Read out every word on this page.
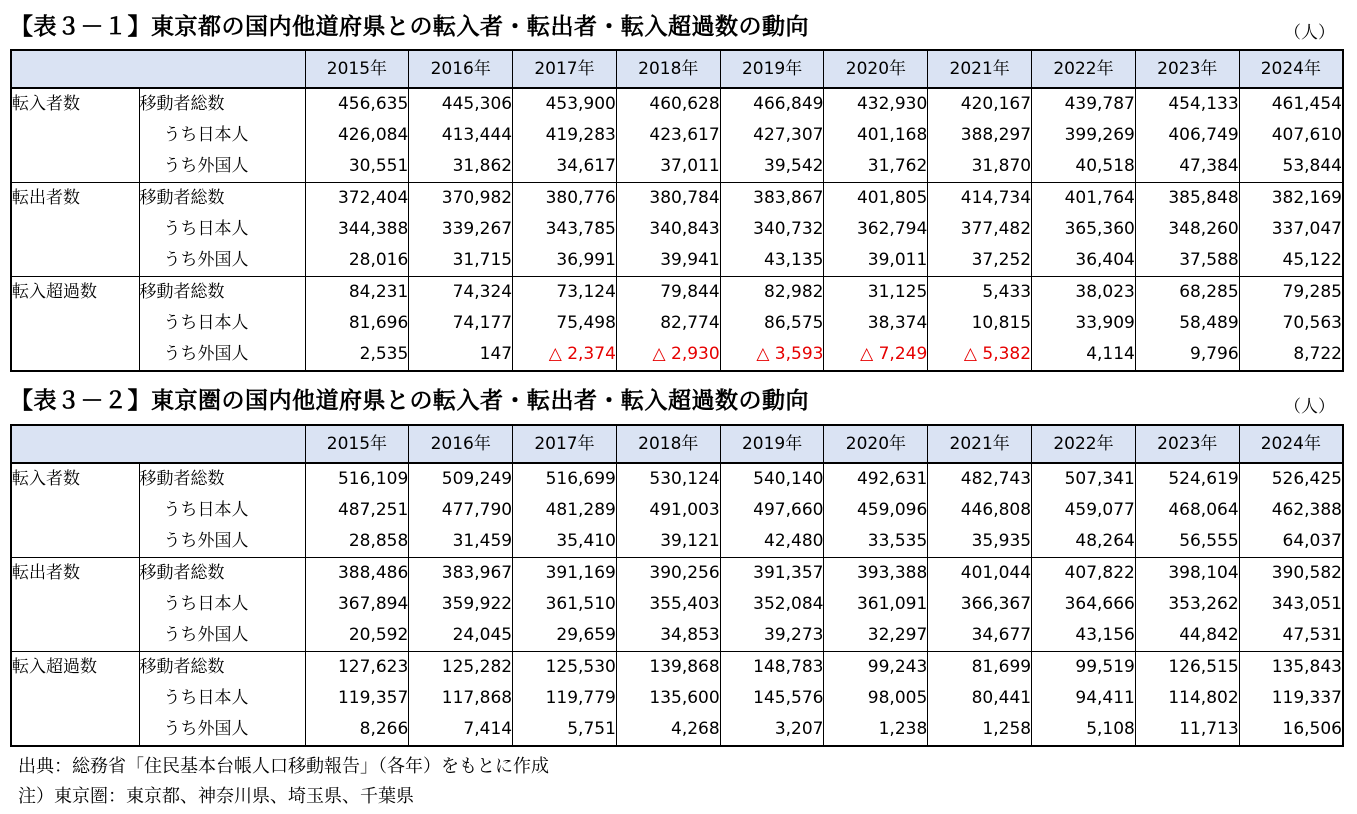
【表３－１】東京都の国内他道府県との転入者・転出者・転入超過数の動向	（人）
		2015年	2016年	2017年	2018年	2019年	2020年	2021年	2022年	2023年	2024年
転入者数	移動者総数	456,635	445,306	453,900	460,628	466,849	432,930	420,167	439,787	454,133	461,454
	うち日本人	426,084	413,444	419,283	423,617	427,307	401,168	388,297	399,269	406,749	407,610
	うち外国人	30,551	31,862	34,617	37,011	39,542	31,762	31,870	40,518	47,384	53,844
転出者数	移動者総数	372,404	370,982	380,776	380,784	383,867	401,805	414,734	401,764	385,848	382,169
	うち日本人	344,388	339,267	343,785	340,843	340,732	362,794	377,482	365,360	348,260	337,047
	うち外国人	28,016	31,715	36,991	39,941	43,135	39,011	37,252	36,404	37,588	45,122
転入超過数	移動者総数	84,231	74,324	73,124	79,844	82,982	31,125	5,433	38,023	68,285	79,285
	うち日本人	81,696	74,177	75,498	82,774	86,575	38,374	10,815	33,909	58,489	70,563
	うち外国人	2,535	147	△ 2,374	△ 2,930	△ 3,593	△ 7,249	△ 5,382	4,114	9,796	8,722
【表３－２】東京圏の国内他道府県との転入者・転出者・転入超過数の動向	（人）
		2015年	2016年	2017年	2018年	2019年	2020年	2021年	2022年	2023年	2024年
転入者数	移動者総数	516,109	509,249	516,699	530,124	540,140	492,631	482,743	507,341	524,619	526,425
	うち日本人	487,251	477,790	481,289	491,003	497,660	459,096	446,808	459,077	468,064	462,388
	うち外国人	28,858	31,459	35,410	39,121	42,480	33,535	35,935	48,264	56,555	64,037
転出者数	移動者総数	388,486	383,967	391,169	390,256	391,357	393,388	401,044	407,822	398,104	390,582
	うち日本人	367,894	359,922	361,510	355,403	352,084	361,091	366,367	364,666	353,262	343,051
	うち外国人	20,592	24,045	29,659	34,853	39,273	32,297	34,677	43,156	44,842	47,531
転入超過数	移動者総数	127,623	125,282	125,530	139,868	148,783	99,243	81,699	99,519	126,515	135,843
	うち日本人	119,357	117,868	119,779	135,600	145,576	98,005	80,441	94,411	114,802	119,337
	うち外国人	8,266	7,414	5,751	4,268	3,207	1,238	1,258	5,108	11,713	16,506
出典：総務省「住民基本台帳人口移動報告」（各年）をもとに作成
注）東京圏：東京都、神奈川県、埼玉県、千葉県
